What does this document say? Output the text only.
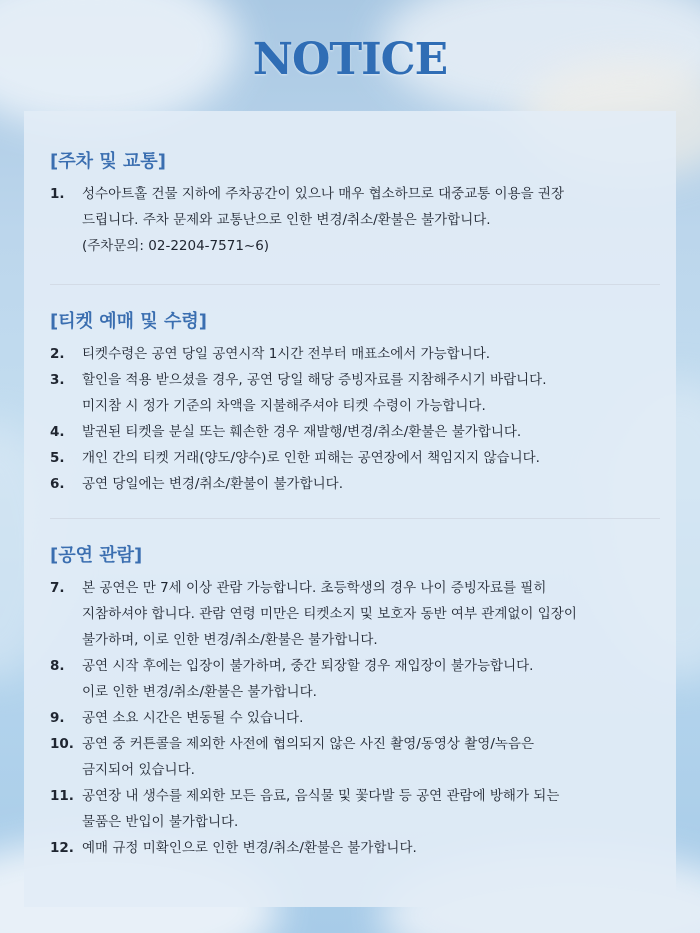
NOTICE
[주차 및 교통]
1. 성수아트홀 건물 지하에 주차공간이 있으나 매우 협소하므로 대중교통 이용을 권장
드립니다. 주차 문제와 교통난으로 인한 변경/취소/환불은 불가합니다.
(주차문의: 02-2204-7571~6)
[티켓 예매 및 수령]
2. 티켓수령은 공연 당일 공연시작 1시간 전부터 매표소에서 가능합니다.
3. 할인을 적용 받으셨을 경우, 공연 당일 해당 증빙자료를 지참해주시기 바랍니다.
미지참 시 정가 기준의 차액을 지불해주셔야 티켓 수령이 가능합니다.
4. 발권된 티켓을 분실 또는 훼손한 경우 재발행/변경/취소/환불은 불가합니다.
5. 개인 간의 티켓 거래(양도/양수)로 인한 피해는 공연장에서 책임지지 않습니다.
6. 공연 당일에는 변경/취소/환불이 불가합니다.
[공연 관람]
7. 본 공연은 만 7세 이상 관람 가능합니다. 초등학생의 경우 나이 증빙자료를 필히
지참하셔야 합니다. 관람 연령 미만은 티켓소지 및 보호자 동반 여부 관계없이 입장이
불가하며, 이로 인한 변경/취소/환불은 불가합니다.
8. 공연 시작 후에는 입장이 불가하며, 중간 퇴장할 경우 재입장이 불가능합니다.
이로 인한 변경/취소/환불은 불가합니다.
9. 공연 소요 시간은 변동될 수 있습니다.
10. 공연 중 커튼콜을 제외한 사전에 협의되지 않은 사진 촬영/동영상 촬영/녹음은
금지되어 있습니다.
11. 공연장 내 생수를 제외한 모든 음료, 음식물 및 꽃다발 등 공연 관람에 방해가 되는
물품은 반입이 불가합니다.
12. 예매 규정 미확인으로 인한 변경/취소/환불은 불가합니다.
